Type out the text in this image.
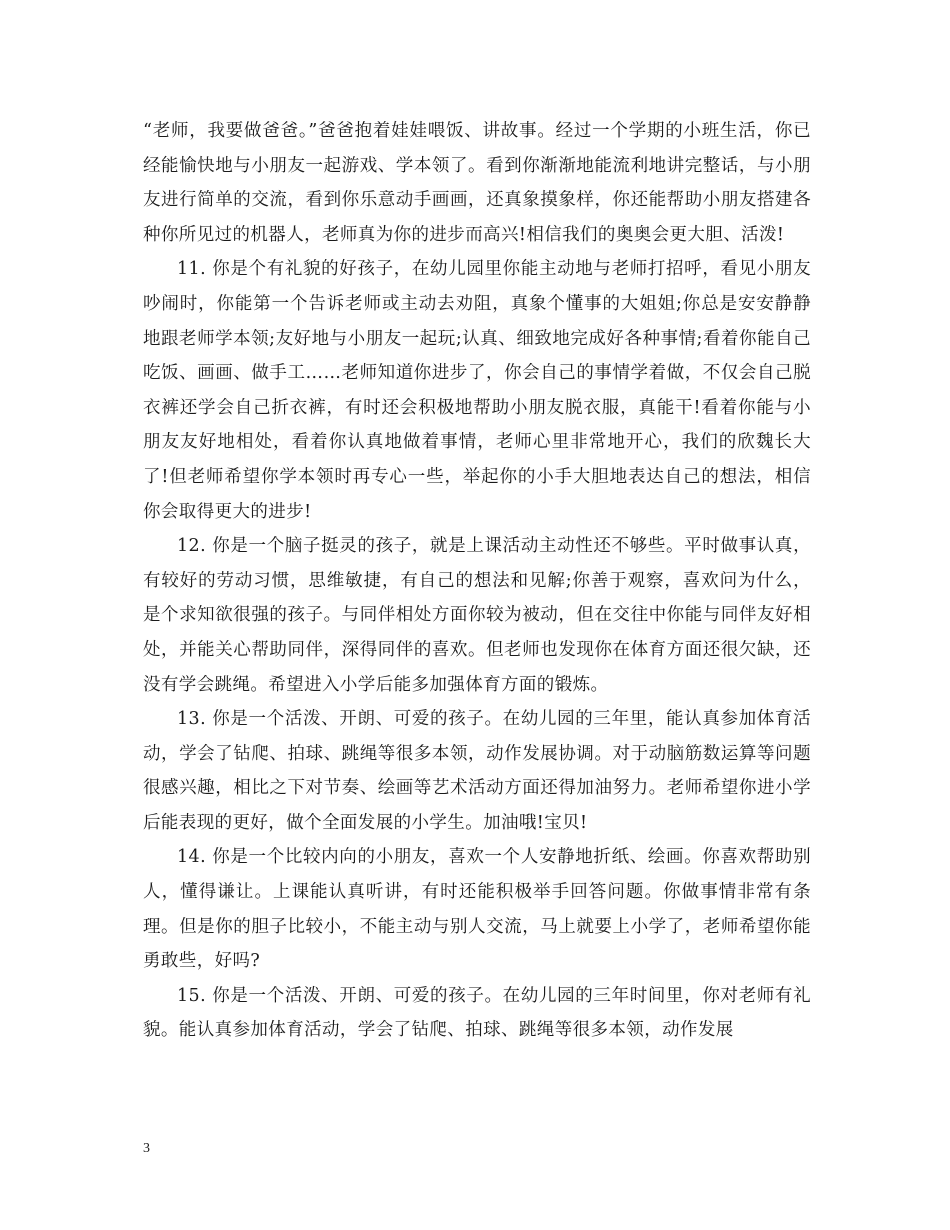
“老师，我要做爸爸。”爸爸抱着娃娃喂饭、讲故事。经过一个学期的小班生活，你已经能愉快地与小朋友一起游戏、学本领了。看到你渐渐地能流利地讲完整话，与小朋友进行简单的交流，看到你乐意动手画画，还真象摸象样，你还能帮助小朋友搭建各种你所见过的机器人，老师真为你的进步而高兴!相信我们的奥奥会更大胆、活泼!

11. 你是个有礼貌的好孩子，在幼儿园里你能主动地与老师打招呼，看见小朋友吵闹时，你能第一个告诉老师或主动去劝阻，真象个懂事的大姐姐;你总是安安静静地跟老师学本领;友好地与小朋友一起玩;认真、细致地完成好各种事情;看着你能自己吃饭、画画、做手工……老师知道你进步了，你会自己的事情学着做，不仅会自己脱衣裤还学会自己折衣裤，有时还会积极地帮助小朋友脱衣服，真能干!看着你能与小朋友友好地相处，看着你认真地做着事情，老师心里非常地开心，我们的欣魏长大了!但老师希望你学本领时再专心一些，举起你的小手大胆地表达自己的想法，相信你会取得更大的进步!

12. 你是一个脑子挺灵的孩子，就是上课活动主动性还不够些。平时做事认真，有较好的劳动习惯，思维敏捷，有自己的想法和见解;你善于观察，喜欢问为什么，是个求知欲很强的孩子。与同伴相处方面你较为被动，但在交往中你能与同伴友好相处，并能关心帮助同伴，深得同伴的喜欢。但老师也发现你在体育方面还很欠缺，还没有学会跳绳。希望进入小学后能多加强体育方面的锻炼。

13. 你是一个活泼、开朗、可爱的孩子。在幼儿园的三年里，能认真参加体育活动，学会了钻爬、拍球、跳绳等很多本领，动作发展协调。对于动脑筋数运算等问题很感兴趣，相比之下对节奏、绘画等艺术活动方面还得加油努力。老师希望你进小学后能表现的更好，做个全面发展的小学生。加油哦!宝贝!

14. 你是一个比较内向的小朋友，喜欢一个人安静地折纸、绘画。你喜欢帮助别人，懂得谦让。上课能认真听讲，有时还能积极举手回答问题。你做事情非常有条理。但是你的胆子比较小，不能主动与别人交流，马上就要上小学了，老师希望你能勇敢些，好吗?

15. 你是一个活泼、开朗、可爱的孩子。在幼儿园的三年时间里，你对老师有礼貌。能认真参加体育活动，学会了钻爬、拍球、跳绳等很多本领，动作发展

3
